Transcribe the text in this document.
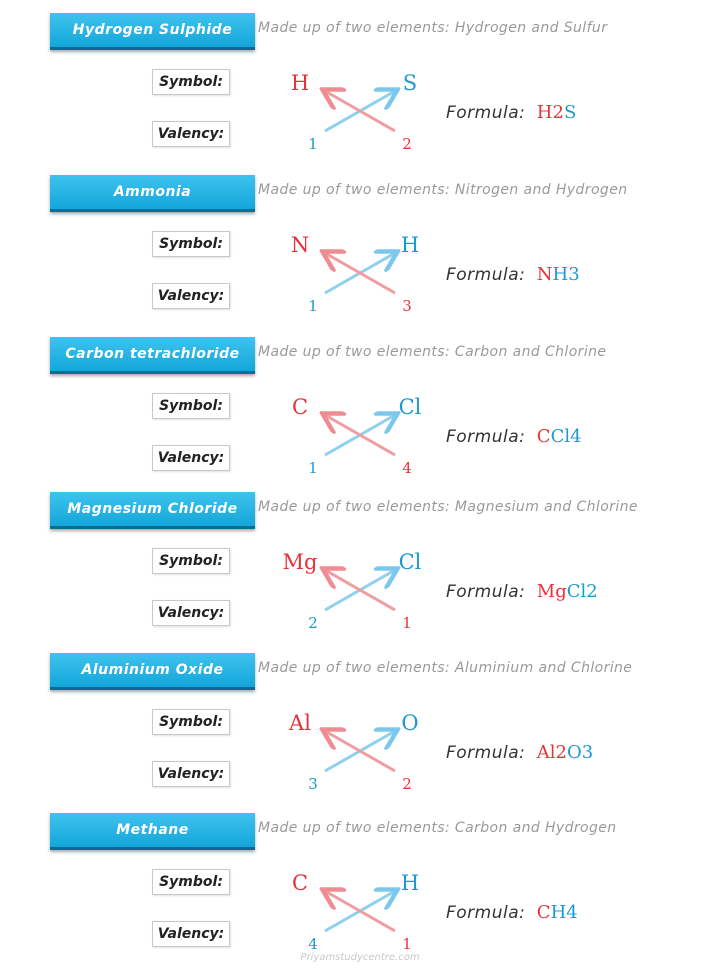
Hydrogen Sulphide Made up of two elements: Hydrogen and Sulfur
Symbol:
Valency:
H	S
1	2
Formula: H2S
Ammonia	Made up of two elements: Nitrogen and Hydrogen
Symbol:
Valency:
N	H
1	3
Formula: NH3
Carbon tetrachloride Made up of two elements: Carbon and Chlorine
Symbol:
Valency:
C	Cl
1	4
Formula: CCl4
Magnesium Chloride Made up of two elements: Magnesium and Chlorine
Symbol:
Valency:
Mg	Cl
2	1
Formula: MgCl2
Aluminium Oxide Made up of two elements: Aluminium and Chlorine
Symbol:
Valency:
Al	O
3	2
Formula: Al2O3
Methane	Made up of two elements: Carbon and Hydrogen
Symbol:
Valency:
C	H
4	1
Formula: CH4
Priyamstudycentre.com
